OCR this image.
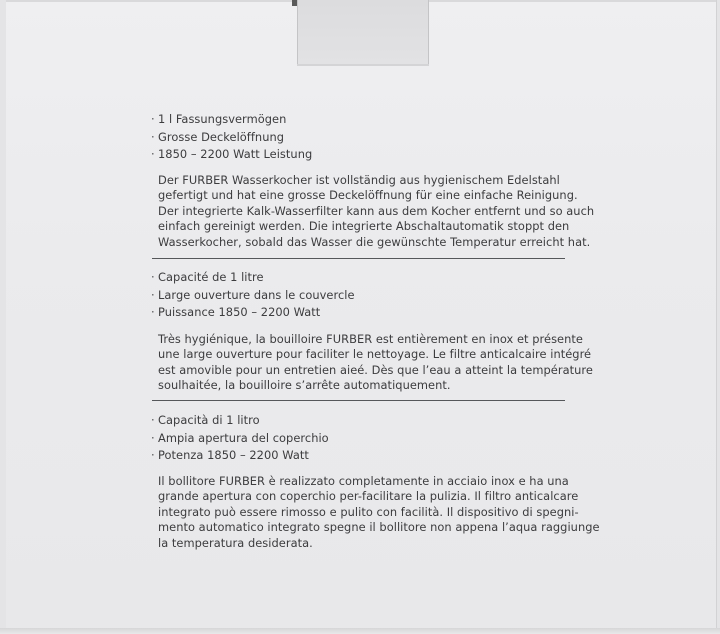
· 1 l Fassungsvermögen

· Grosse Deckelöffnung

· 1850 – 2200 Watt Leistung

Der FURBER Wasserkocher ist vollständig aus hygienischem Edelstahl
gefertigt und hat eine grosse Deckelöffnung für eine einfache Reinigung.
Der integrierte Kalk-Wasserfilter kann aus dem Kocher entfernt und so auch
einfach gereinigt werden. Die integrierte Abschaltautomatik stoppt den
Wasserkocher, sobald das Wasser die gewünschte Temperatur erreicht hat.

· Capacité de 1 litre

· Large ouverture dans le couvercle

· Puissance 1850 – 2200 Watt

Très hygiénique, la bouilloire FURBER est entièrement en inox et présente
une large ouverture pour faciliter le nettoyage. Le filtre anticalcaire intégré
est amovible pour un entretien aieé. Dès que l’eau a atteint la température
soulhaitée, la bouilloire s’arrête automatiquement.

· Capacità di 1 litro

· Ampia apertura del coperchio

· Potenza 1850 – 2200 Watt

Il bollitore FURBER è realizzato completamente in acciaio inox e ha una
grande apertura con coperchio per-facilitare la pulizia. Il filtro anticalcare
integrato può essere rimosso e pulito con facilità. Il dispositivo di spegni-
mento automatico integrato spegne il bollitore non appena l’aqua raggiunge
la temperatura desiderata.
